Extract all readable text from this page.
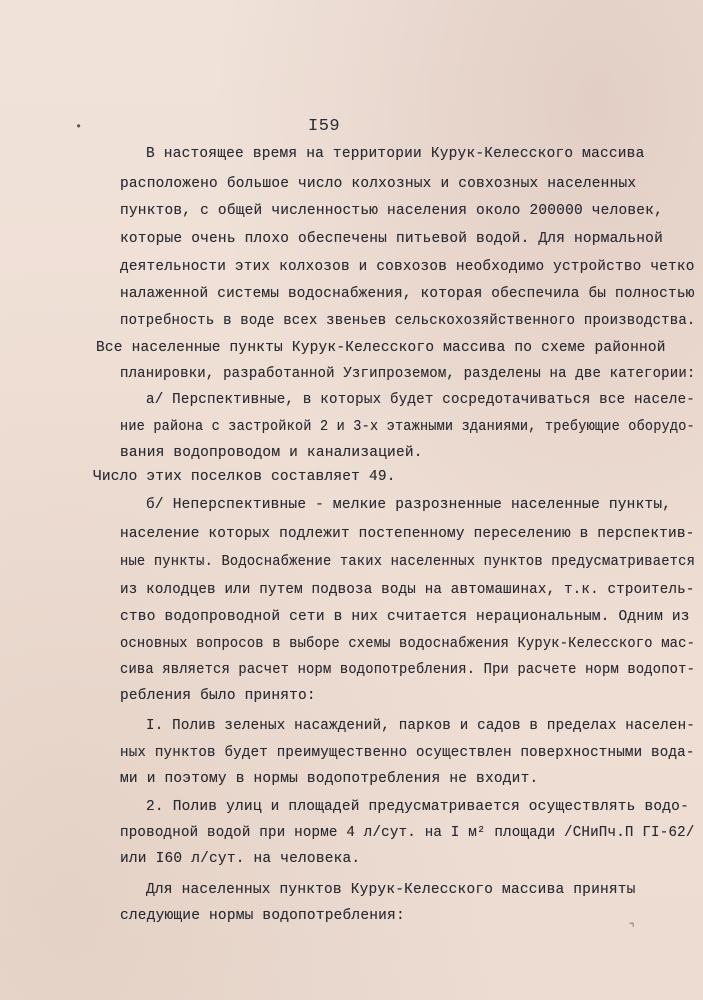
I59
В настоящее время на территории Курук-Келесского массива
расположено большое число колхозных и совхозных населенных
пунктов, с общей численностью населения около 200000 человек,
которые очень плохо обеспечены питьевой водой. Для нормальной
деятельности этих колхозов и совхозов необходимо устройство четко
налаженной системы водоснабжения, которая обеспечила бы полностью
потребность в воде всех звеньев сельскохозяйственного производства.
Все населенные пункты Курук-Келесского массива по схеме районной
планировки, разработанной Узгипроземом, разделены на две категории:
а/ Перспективные, в которых будет сосредотачиваться все населе-
ние района с застройкой 2 и 3-х этажными зданиями, требующие оборудо-
вания водопроводом и канализацией.
Число этих поселков составляет 49.
б/ Неперспективные - мелкие разрозненные населенные пункты,
население которых подлежит постепенному переселению в перспектив-
ные пункты. Водоснабжение таких населенных пунктов предусматривается
из колодцев или путем подвоза воды на автомашинах, т.к. строитель-
ство водопроводной сети в них считается нерациональным. Одним из
основных вопросов в выборе схемы водоснабжения Курук-Келесского мас-
сива является расчет норм водопотребления. При расчете норм водопот-
ребления было принято:
I. Полив зеленых насаждений, парков и садов в пределах населен-
ных пунктов будет преимущественно осуществлен поверхностными вода-
ми и поэтому в нормы водопотребления не входит.
2. Полив улиц и площадей предусматривается осуществлять водо-
проводной водой при норме 4 л/сут. на I м² площади /СНиПч.П ГI-62/
или I60 л/сут. на человека.
Для населенных пунктов Курук-Келесского массива приняты
следующие нормы водопотребления:
•
⌝
